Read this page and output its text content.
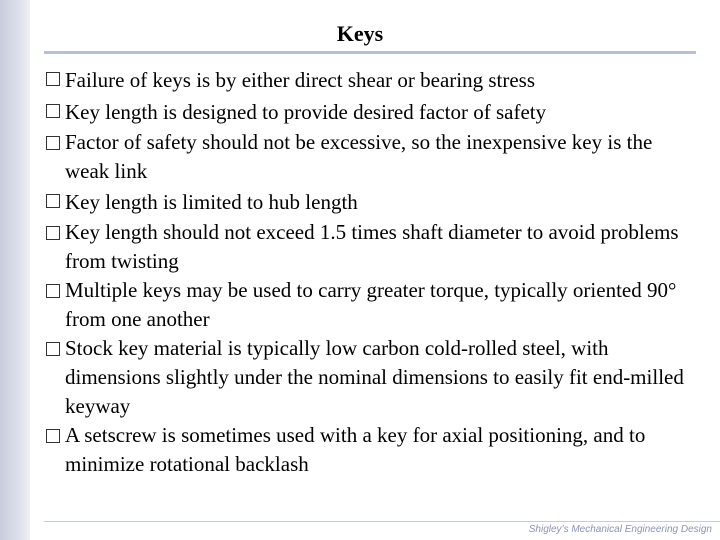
Keys
Failure of keys is by either direct shear or bearing stress
Key length is designed to provide desired factor of safety
Factor of safety should not be excessive, so the inexpensive key is the weak link
Key length is limited to hub length
Key length should not exceed 1.5 times shaft diameter to avoid problems from twisting
Multiple keys may be used to carry greater torque, typically oriented 90° from one another
Stock key material is typically low carbon cold-rolled steel, with dimensions slightly under the nominal dimensions to easily fit end-milled keyway
A setscrew is sometimes used with a key for axial positioning, and to minimize rotational backlash
Shigley’s Mechanical Engineering Design
